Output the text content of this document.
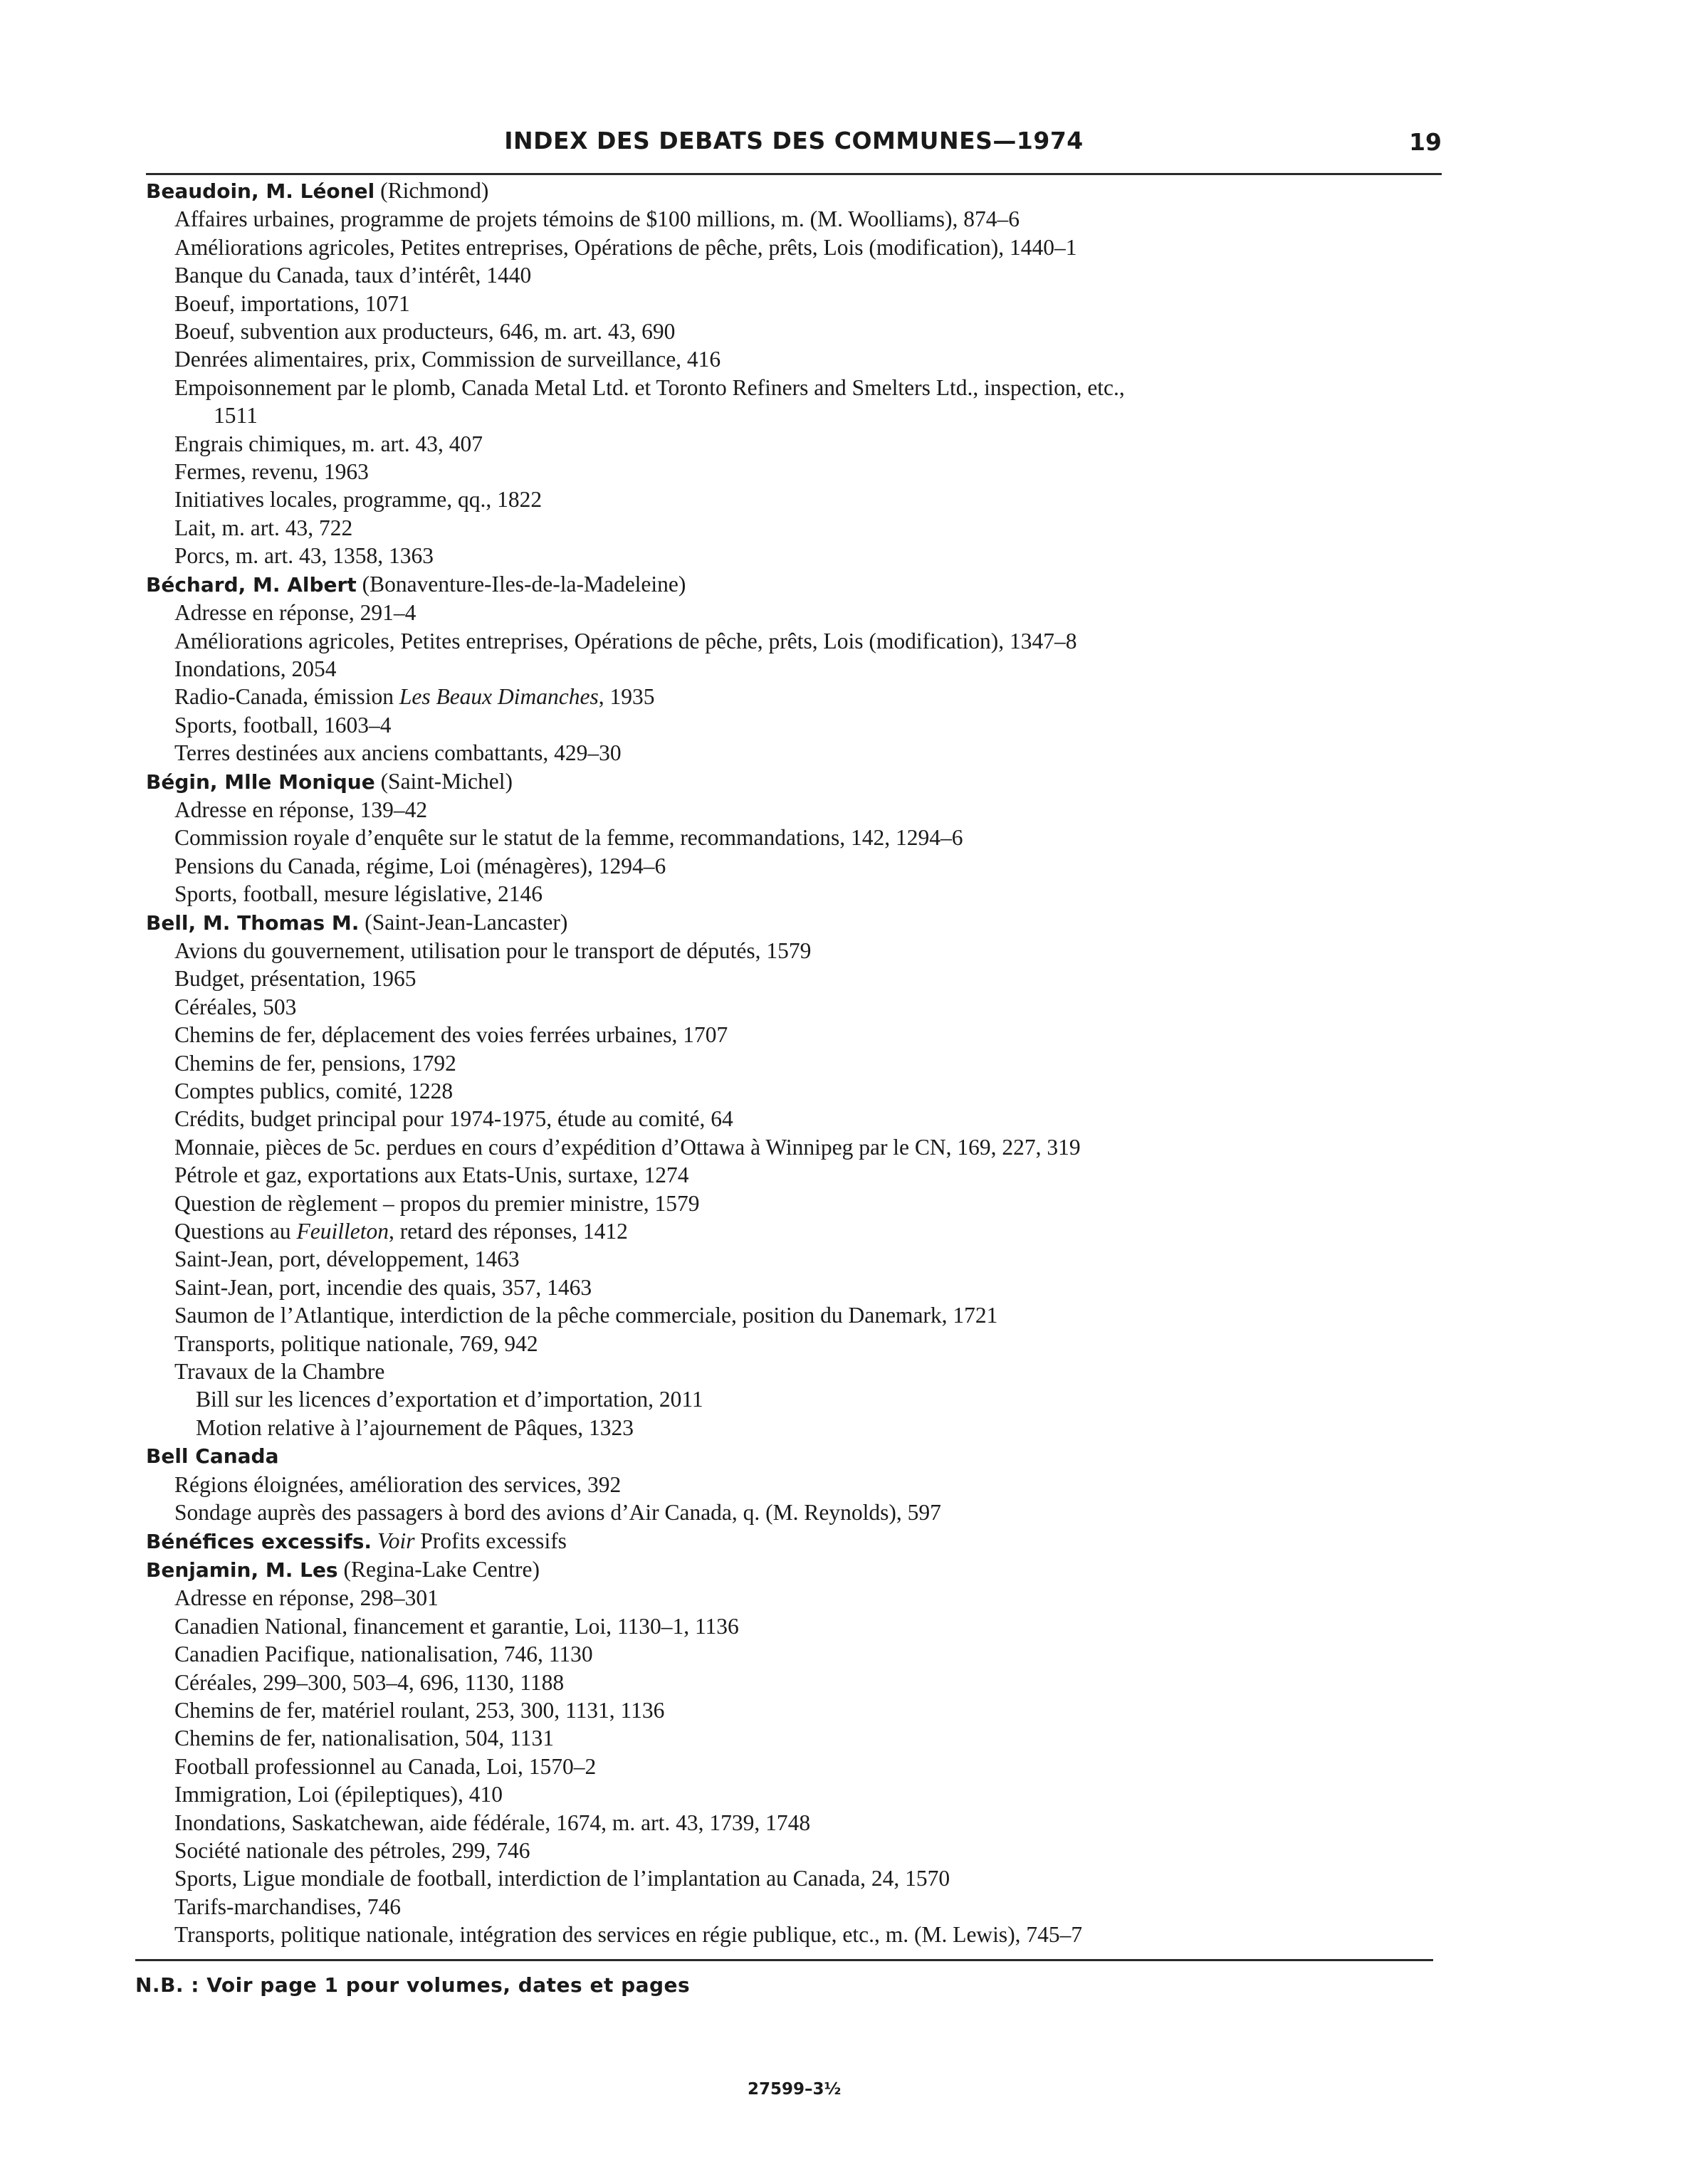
INDEX DES DEBATS DES COMMUNES—1974	19
Beaudoin, M. Léonel (Richmond)
Affaires urbaines, programme de projets témoins de $100 millions, m. (M. Woolliams), 874–6
Améliorations agricoles, Petites entreprises, Opérations de pêche, prêts, Lois (modification), 1440–1
Banque du Canada, taux d’intérêt, 1440
Boeuf, importations, 1071
Boeuf, subvention aux producteurs, 646, m. art. 43, 690
Denrées alimentaires, prix, Commission de surveillance, 416
Empoisonnement par le plomb, Canada Metal Ltd. et Toronto Refiners and Smelters Ltd., inspection, etc.,
1511
Engrais chimiques, m. art. 43, 407
Fermes, revenu, 1963
Initiatives locales, programme, qq., 1822
Lait, m. art. 43, 722
Porcs, m. art. 43, 1358, 1363
Béchard, M. Albert (Bonaventure-Iles-de-la-Madeleine)
Adresse en réponse, 291–4
Améliorations agricoles, Petites entreprises, Opérations de pêche, prêts, Lois (modification), 1347–8
Inondations, 2054
Radio-Canada, émission Les Beaux Dimanches, 1935
Sports, football, 1603–4
Terres destinées aux anciens combattants, 429–30
Bégin, Mlle Monique (Saint-Michel)
Adresse en réponse, 139–42
Commission royale d’enquête sur le statut de la femme, recommandations, 142, 1294–6
Pensions du Canada, régime, Loi (ménagères), 1294–6
Sports, football, mesure législative, 2146
Bell, M. Thomas M. (Saint-Jean-Lancaster)
Avions du gouvernement, utilisation pour le transport de députés, 1579
Budget, présentation, 1965
Céréales, 503
Chemins de fer, déplacement des voies ferrées urbaines, 1707
Chemins de fer, pensions, 1792
Comptes publics, comité, 1228
Crédits, budget principal pour 1974-1975, étude au comité, 64
Monnaie, pièces de 5c. perdues en cours d’expédition d’Ottawa à Winnipeg par le CN, 169, 227, 319
Pétrole et gaz, exportations aux Etats-Unis, surtaxe, 1274
Question de règlement – propos du premier ministre, 1579
Questions au Feuilleton, retard des réponses, 1412
Saint-Jean, port, développement, 1463
Saint-Jean, port, incendie des quais, 357, 1463
Saumon de l’Atlantique, interdiction de la pêche commerciale, position du Danemark, 1721
Transports, politique nationale, 769, 942
Travaux de la Chambre
Bill sur les licences d’exportation et d’importation, 2011
Motion relative à l’ajournement de Pâques, 1323
Bell Canada
Régions éloignées, amélioration des services, 392
Sondage auprès des passagers à bord des avions d’Air Canada, q. (M. Reynolds), 597
Bénéfices excessifs. Voir Profits excessifs
Benjamin, M. Les (Regina-Lake Centre)
Adresse en réponse, 298–301
Canadien National, financement et garantie, Loi, 1130–1, 1136
Canadien Pacifique, nationalisation, 746, 1130
Céréales, 299–300, 503–4, 696, 1130, 1188
Chemins de fer, matériel roulant, 253, 300, 1131, 1136
Chemins de fer, nationalisation, 504, 1131
Football professionnel au Canada, Loi, 1570–2
Immigration, Loi (épileptiques), 410
Inondations, Saskatchewan, aide fédérale, 1674, m. art. 43, 1739, 1748
Société nationale des pétroles, 299, 746
Sports, Ligue mondiale de football, interdiction de l’implantation au Canada, 24, 1570
Tarifs-marchandises, 746
Transports, politique nationale, intégration des services en régie publique, etc., m. (M. Lewis), 745–7
N.B. : Voir page 1 pour volumes, dates et pages
27599–3½
